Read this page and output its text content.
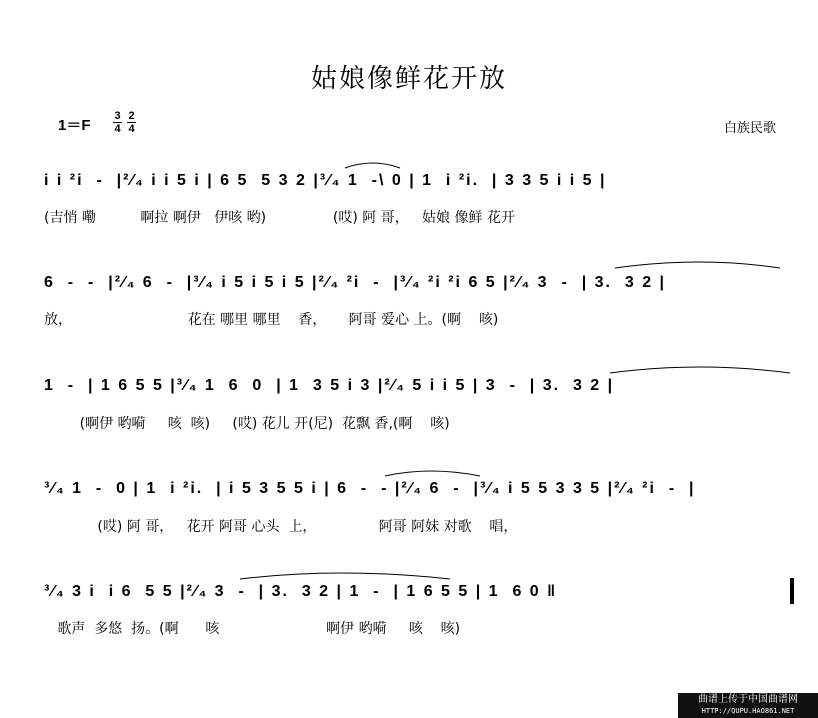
姑娘像鲜花开放
1＝F
3
4
2
4	白族民歌
i i ²i  -  |²⁄₄ i i 5 i | 6 5  5 3 2 |³⁄₄ 1  -\ 0 | 1  i ²i.  | 3 3 5 i i 5 |
(吉悄 嘞          啊拉 啊伊   伊咳 哟)               (哎) 阿 哥，   姑娘 像鲜 花开
6  -  -  |²⁄₄ 6  -  |³⁄₄ i 5 i 5 i 5 |²⁄₄ ²i  -  |³⁄₄ ²i ²i 6 5 |²⁄₄ 3  -  | 3.  3 2 |
放，                          花在 哪里 哪里    香，     阿哥 爱心 上。(啊    咳)
1  -  | 1 6 5 5 |³⁄₄ 1  6  0  | 1  3 5 i 3 |²⁄₄ 5 i i 5 | 3  -  | 3.  3 2 |
(啊伊 哟嗬     咳  咳)     (哎) 花儿 开(尼)  花飘 香,(啊    咳)
³⁄₄ 1  -  0 | 1  i ²i.  | i 5 3 5 5 i | 6  -  - |²⁄₄ 6  -  |³⁄₄ i 5 5 3 3 5 |²⁄₄ ²i  -  |
(哎) 阿 哥，   花开 阿哥 心头  上，              阿哥 阿妹 对歌    唱，
³⁄₄ 3 i  i 6  5 5 |²⁄₄ 3  -  | 3.  3 2 | 1  -  | 1 6 5 5 | 1  6 0 ‖
歌声  多悠  扬。(啊      咳                        啊伊 哟嗬     咳    咳)
曲谱上传于中国曲谱网
HTTP://QUPU.HAO861.NET
